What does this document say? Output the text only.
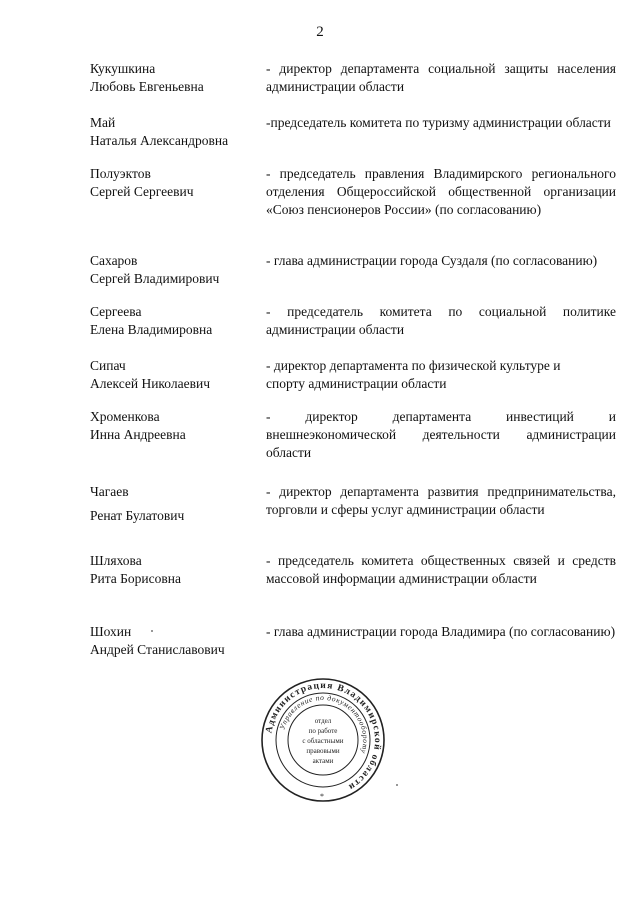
2
Кукушкина
Любовь Евгеньевна
- директор департамента социальной защиты населения администрации области
Май
Наталья Александровна
-председатель комитета по туризму администрации области
Полуэктов
Сергей Сергеевич
- председатель правления Владимирского регионального отделения Общероссийской общественной организации «Союз пенсионеров России» (по согласованию)
Сахаров
Сергей Владимирович
- глава администрации города Суздаля (по согласованию)
Сергеева
Елена Владимировна
- председатель комитета по социальной политике администрации области
Сипач
Алексей Николаевич
- директор департамента по физической культуре и спорту администрации области
Хроменкова
Инна Андреевна
- директор департамента инвестиций и внешнеэкономической деятельности администрации области
Чагаев
Ренат Булатович
- директор департамента развития предпринимательства, торговли и сферы услуг администрации области
Шляхова
Рита Борисовна
- председатель комитета общественных связей и средств массовой информации администрации области
Шохин
Андрей Станиславович
- глава администрации города Владимира (по согласованию)
Администрация Владимирской области
Управление по документообороту
*
отдел
по работе
с областными
правовыми
актами
